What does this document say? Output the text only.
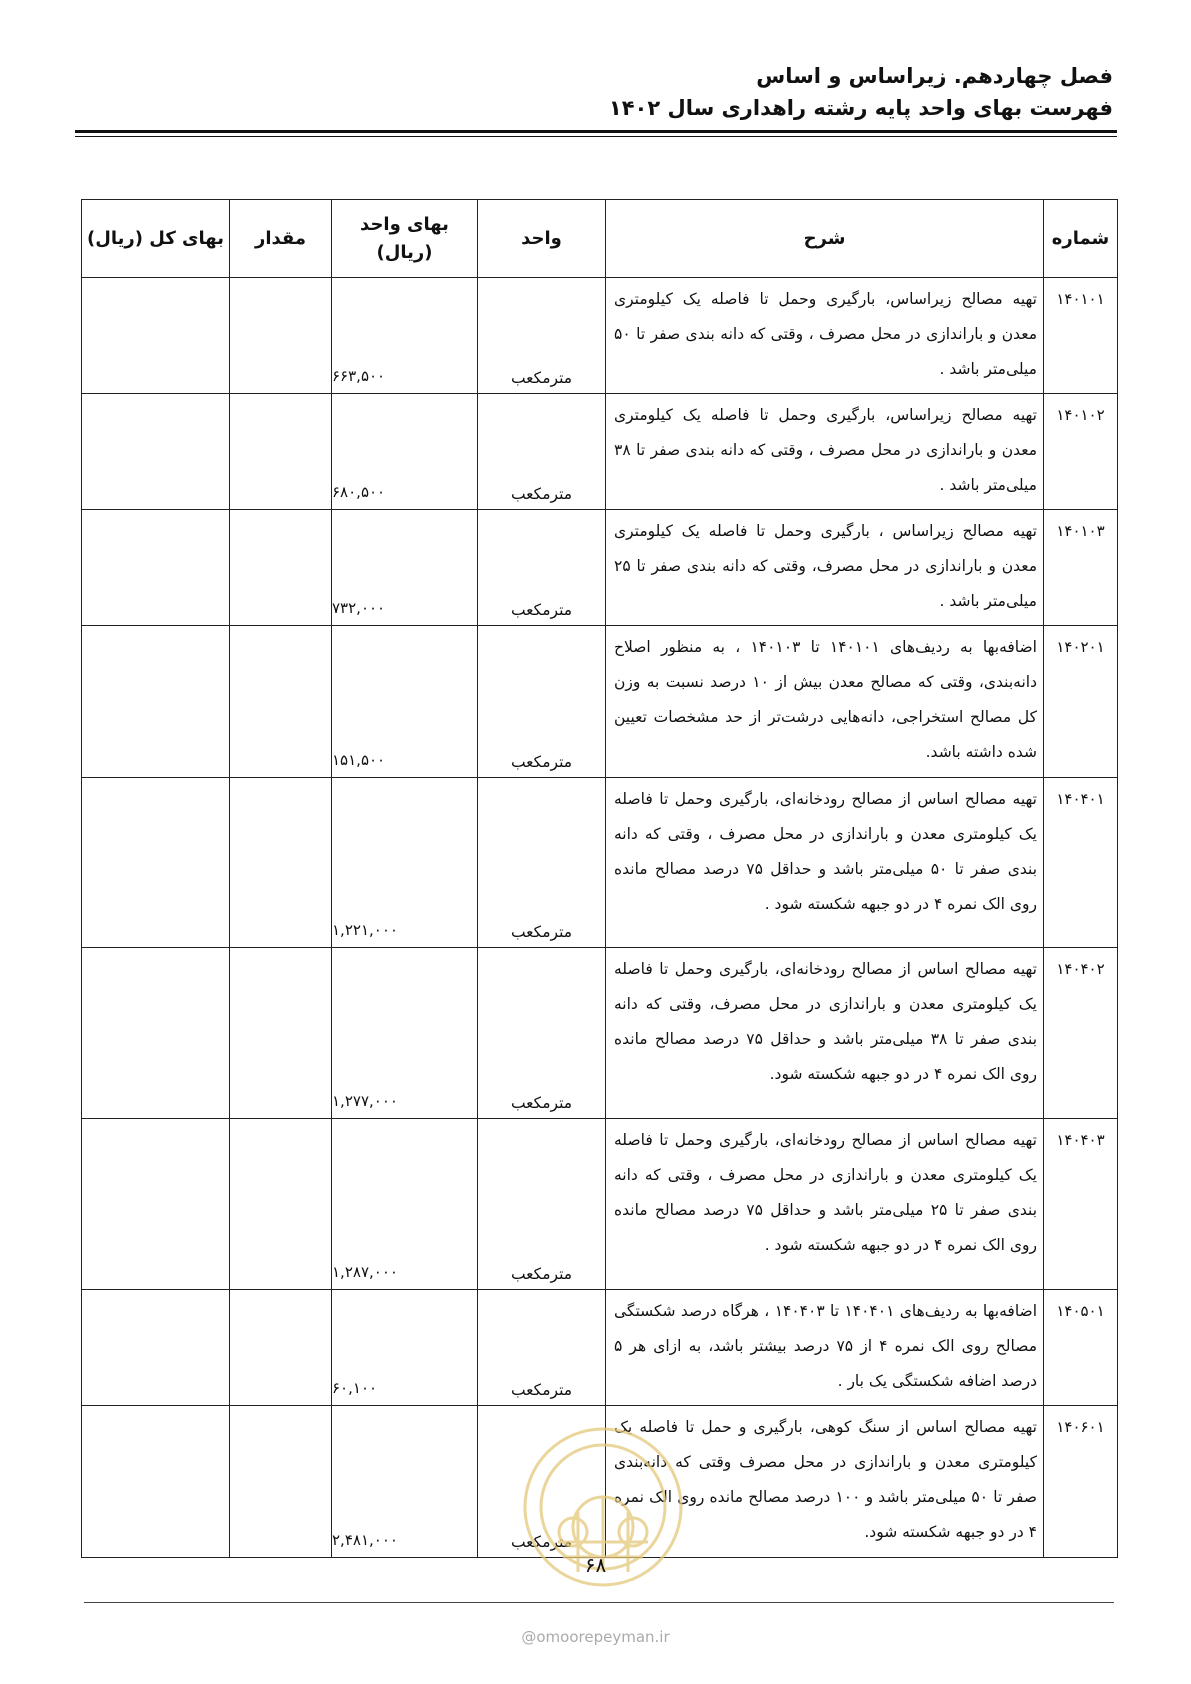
فصل چهاردهم. زیراساس و اساس
فهرست بهای واحد پایه رشته راهداری سال ۱۴۰۲
شماره	شرح	واحد	بهای واحد (ریال)	مقدار	بهای کل (ریال)
۱۴۰۱۰۱	تهیه مصالح زیراساس، بارگیری وحمل تا فاصله یک کیلومتری معدن و باراندازی در محل مصرف ، وقتی که دانه بندی صفر تا ۵۰ میلی‌متر باشد .	مترمکعب	۶۶۳,۵۰۰		
۱۴۰۱۰۲	تهیه مصالح زیراساس، بارگیری وحمل تا فاصله یک کیلومتری معدن و باراندازی در محل مصرف ، وقتی که دانه بندی صفر تا ۳۸ میلی‌متر باشد .	مترمکعب	۶۸۰,۵۰۰		
۱۴۰۱۰۳	تهیه مصالح زیراساس ، بارگیری وحمل تا فاصله یک کیلومتری معدن و باراندازی در محل مصرف، وقتی که دانه بندی صفر تا ۲۵ میلی‌متر باشد .	مترمکعب	۷۳۲,۰۰۰		
۱۴۰۲۰۱	اضافه‌بها به ردیف‌های ۱۴۰۱۰۱ تا ۱۴۰۱۰۳ ، به منظور اصلاح دانه‌بندی، وقتی که مصالح معدن بیش از ۱۰ درصد نسبت به وزن کل مصالح استخراجی، دانه‌هایی درشت‌تر از حد مشخصات تعیین شده داشته باشد.	مترمکعب	۱۵۱,۵۰۰		
۱۴۰۴۰۱	تهیه مصالح اساس از مصالح رودخانه‌ای، بارگیری وحمل تا فاصله یک کیلومتری معدن و باراندازی در محل مصرف ، وقتی که دانه بندی صفر تا ۵۰ میلی‌متر باشد و حداقل ۷۵ درصد مصالح مانده روی الک نمره ۴ در دو جبهه شکسته شود .	مترمکعب	۱,۲۲۱,۰۰۰		
۱۴۰۴۰۲	تهیه مصالح اساس از مصالح رودخانه‌ای، بارگیری وحمل تا فاصله یک کیلومتری معدن و باراندازی در محل مصرف، وقتی که دانه بندی صفر تا ۳۸ میلی‌متر باشد و حداقل ۷۵ درصد مصالح مانده روی الک نمره ۴ در دو جبهه شکسته شود.	مترمکعب	۱,۲۷۷,۰۰۰		
۱۴۰۴۰۳	تهیه مصالح اساس از مصالح رودخانه‌ای، بارگیری وحمل تا فاصله یک کیلومتری معدن و باراندازی در محل مصرف ، وقتی که دانه بندی صفر تا ۲۵ میلی‌متر باشد و حداقل ۷۵ درصد مصالح مانده روی الک نمره ۴ در دو جبهه شکسته شود .	مترمکعب	۱,۲۸۷,۰۰۰		
۱۴۰۵۰۱	اضافه‌بها به ردیف‌های ۱۴۰۴۰۱ تا ۱۴۰۴۰۳ ، هرگاه درصد شکستگی مصالح روی الک نمره ۴ از ۷۵ درصد بیشتر باشد، به ازای هر ۵ درصد اضافه شکستگی یک بار .	مترمکعب	۶۰,۱۰۰		
۱۴۰۶۰۱	تهیه مصالح اساس از سنگ کوهی، بارگیری و حمل تا فاصله یک کیلومتری معدن و باراندازی در محل مصرف وقتی که دانه‌بندی صفر تا ۵۰ میلی‌متر باشد و ۱۰۰ درصد مصالح مانده روی الک نمره ۴ در دو جبهه شکسته شود.	مترمکعب	۲,۴۸۱,۰۰۰		
۶۸
@omoorepeyman.ir
